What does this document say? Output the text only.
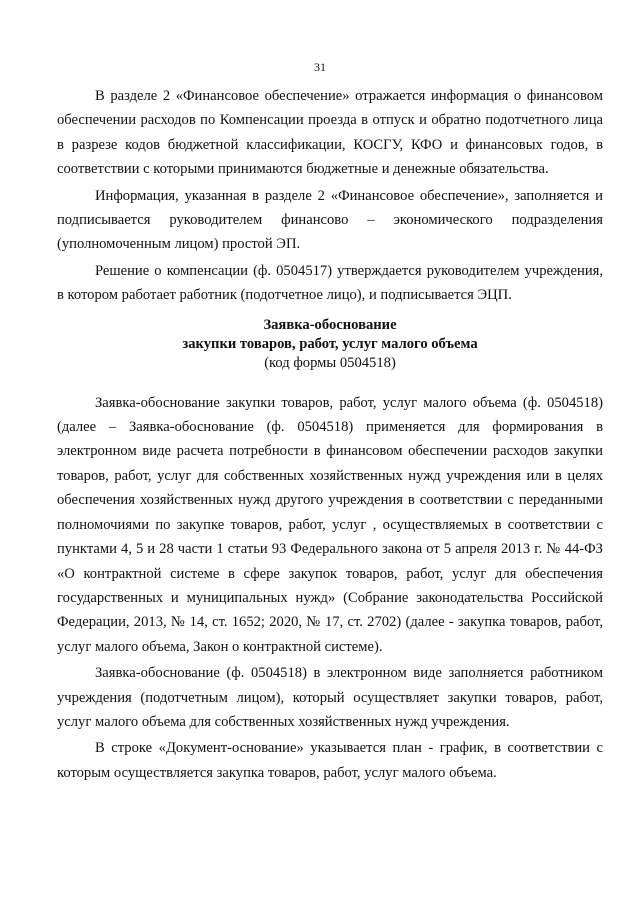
31

В разделе 2 «Финансовое обеспечение» отражается информация о финансовом обеспечении расходов по Компенсации проезда в отпуск и обратно подотчетного лица в разрезе кодов бюджетной классификации, КОСГУ, КФО и финансовых годов, в соответствии с которыми принимаются бюджетные и денежные обязательства.

Информация, указанная в разделе 2 «Финансовое обеспечение», заполняется и подписывается руководителем финансово – экономического подразделения (уполномоченным лицом) простой ЭП.

Решение о компенсации (ф. 0504517) утверждается руководителем учреждения, в котором работает работник (подотчетное лицо), и подписывается ЭЦП.

Заявка-обоснование

закупки товаров, работ, услуг малого объема

(код формы 0504518)

Заявка-обоснование закупки товаров, работ, услуг малого объема (ф. 0504518) (далее – Заявка-обоснование (ф. 0504518) применяется для формирования в электронном виде расчета потребности в финансовом обеспечении расходов закупки товаров, работ, услуг для собственных хозяйственных нужд учреждения или в целях обеспечения хозяйственных нужд другого учреждения в соответствии с переданными полномочиями по закупке товаров, работ, услуг , осуществляемых в соответствии с пунктами 4, 5 и 28 части 1 статьи 93 Федерального закона от 5 апреля 2013 г. № 44-ФЗ «О контрактной системе в сфере закупок товаров, работ, услуг для обеспечения государственных и муниципальных нужд» (Собрание законодательства Российской Федерации, 2013, № 14, ст. 1652; 2020, № 17, ст. 2702) (далее - закупка товаров, работ, услуг малого объема, Закон о контрактной системе).

Заявка-обоснование (ф. 0504518) в электронном виде заполняется работником учреждения (подотчетным лицом), который осуществляет закупки товаров, работ, услуг малого объема для собственных хозяйственных нужд учреждения.

В строке «Документ-основание» указывается план - график, в соответствии с которым осуществляется закупка товаров, работ, услуг малого объема.
